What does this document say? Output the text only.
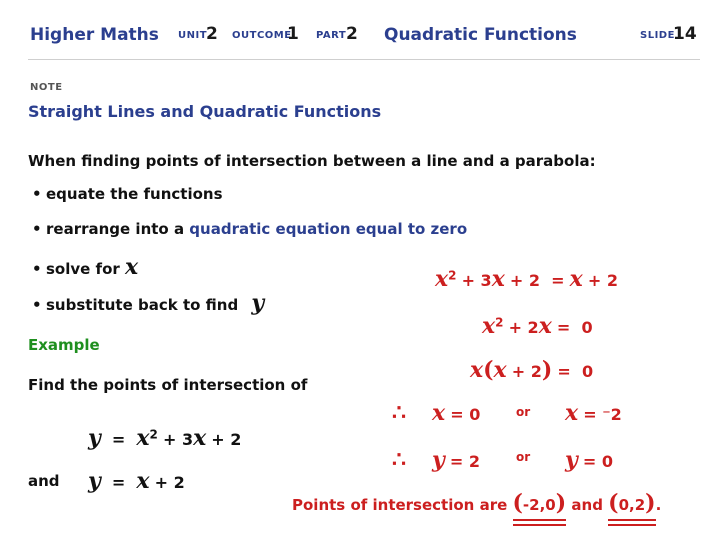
Higher Maths UNIT
2 OUTCOME
1 PART 2 Quadratic Functions	SLIDE
14
NOTE
Straight Lines and Quadratic Functions
When finding points of intersection between a line and a parabola:
• equate the functions
• rearrange into a quadratic equation equal to zero
• solve for x
• substitute back to find y
Example
Find the points of intersection of
$y = x^2 + 3x + 2$
and y = x + 2
$x^2 + 3x + 2 = x + 2$
$x^2 + 2x = 0$
x(x + 2) =  0
∴ x = 0	or x = ⁻2
∴ y = 2	or y = 0
Points of intersection are (-2,0) and (0,2)
.
